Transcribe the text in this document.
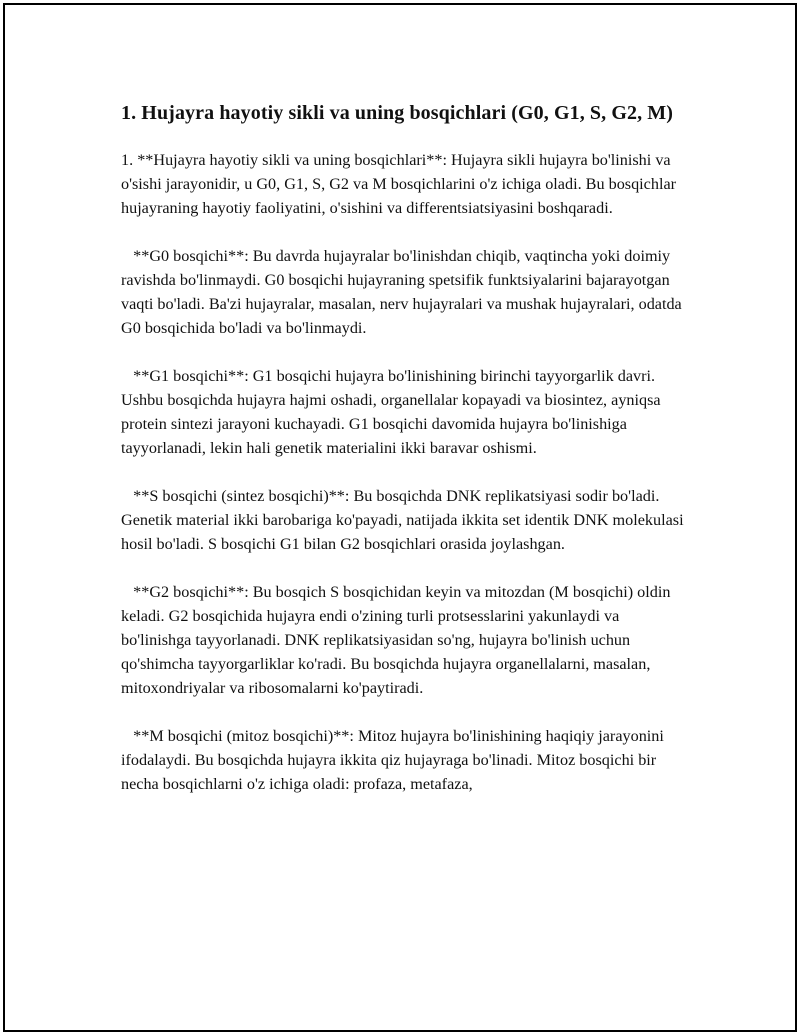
1. Hujayra hayotiy sikli va uning bosqichlari (G0, G1, S, G2, M)

1. **Hujayra hayotiy sikli va uning bosqichlari**: Hujayra sikli hujayra bo'linishi va o'sishi jarayonidir, u G0, G1, S, G2 va M bosqichlarini o'z ichiga oladi. Bu bosqichlar hujayraning hayotiy faoliyatini, o'sishini va differentsiatsiyasini boshqaradi.

**G0 bosqichi**: Bu davrda hujayralar bo'linishdan chiqib, vaqtincha yoki doimiy ravishda bo'linmaydi. G0 bosqichi hujayraning spetsifik funktsiyalarini bajarayotgan vaqti bo'ladi. Ba'zi hujayralar, masalan, nerv hujayralari va mushak hujayralari, odatda G0 bosqichida bo'ladi va bo'linmaydi.

**G1 bosqichi**: G1 bosqichi hujayra bo'linishining birinchi tayyorgarlik davri. Ushbu bosqichda hujayra hajmi oshadi, organellalar kopayadi va biosintez, ayniqsa protein sintezi jarayoni kuchayadi. G1 bosqichi davomida hujayra bo'linishiga tayyorlanadi, lekin hali genetik materialini ikki baravar oshismi.

**S bosqichi (sintez bosqichi)**: Bu bosqichda DNK replikatsiyasi sodir bo'ladi. Genetik material ikki barobariga ko'payadi, natijada ikkita set identik DNK molekulasi hosil bo'ladi. S bosqichi G1 bilan G2 bosqichlari orasida joylashgan.

**G2 bosqichi**: Bu bosqich S bosqichidan keyin va mitozdan (M bosqichi) oldin keladi. G2 bosqichida hujayra endi o'zining turli protsesslarini yakunlaydi va bo'linishga tayyorlanadi. DNK replikatsiyasidan so'ng, hujayra bo'linish uchun qo'shimcha tayyorgarliklar ko'radi. Bu bosqichda hujayra organellalarni, masalan, mitoxondriyalar va ribosomalarni ko'paytiradi.

**M bosqichi (mitoz bosqichi)**: Mitoz hujayra bo'linishining haqiqiy jarayonini ifodalaydi. Bu bosqichda hujayra ikkita qiz hujayraga bo'linadi. Mitoz bosqichi bir necha bosqichlarni o'z ichiga oladi: profaza, metafaza,
